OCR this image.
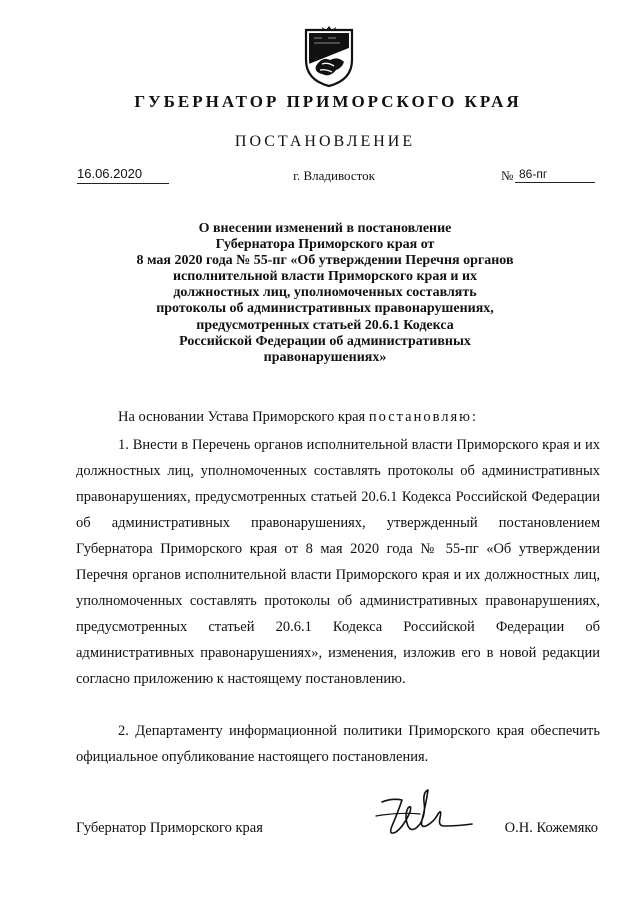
ГУБЕРНАТОР ПРИМОРСКОГО КРАЯ
ПОСТАНОВЛЕНИЕ
16.06.2020	г. Владивосток	№ 86-пг
О внесении изменений в постановление
Губернатора Приморского края от
8 мая 2020 года № 55-пг «Об утверждении Перечня органов
исполнительной власти Приморского края и их
должностных лиц, уполномоченных составлять
протоколы об административных правонарушениях,
предусмотренных статьей 20.6.1 Кодекса
Российской Федерации об административных
правонарушениях»

На основании Устава Приморского края постановляю:

1. Внести в Перечень органов исполнительной власти Приморского края и их должностных лиц, уполномоченных составлять протоколы об административных правонарушениях, предусмотренных статьей 20.6.1 Кодекса Российской Федерации об административных правонарушениях, утвержденный постановлением Губернатора Приморского края от 8 мая 2020 года № 55-пг «Об утверждении Перечня органов исполнительной власти Приморского края и их должностных лиц, уполномоченных составлять протоколы об административных правонарушениях, предусмотренных статьей 20.6.1 Кодекса Российской Федерации об административных правонарушениях», изменения, изложив его в новой редакции согласно приложению к настоящему постановлению.

2. Департаменту информационной политики Приморского края обеспечить официальное опубликование настоящего постановления.

Губернатор Приморского края	О.Н. Кожемяко
